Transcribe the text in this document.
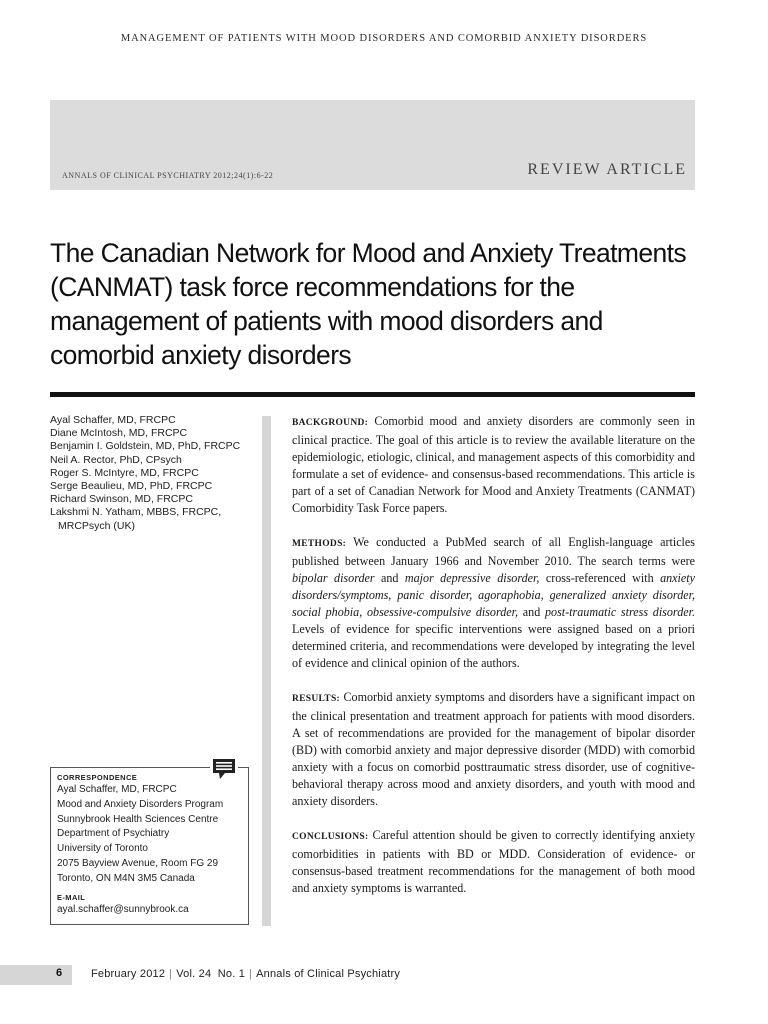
MANAGEMENT OF PATIENTS WITH MOOD DISORDERS AND COMORBID ANXIETY DISORDERS
ANNALS OF CLINICAL PSYCHIATRY 2012;24(1):6-22	REVIEW ARTICLE
The Canadian Network for Mood and Anxiety Treatments (CANMAT) task force recommendations for the management of patients with mood disorders and comorbid anxiety disorders
Ayal Schaffer, MD, FRCPC
Diane McIntosh, MD, FRCPC
Benjamin I. Goldstein, MD, PhD, FRCPC
Neil A. Rector, PhD, CPsych
Roger S. McIntyre, MD, FRCPC
Serge Beaulieu, MD, PhD, FRCPC
Richard Swinson, MD, FRCPC
Lakshmi N. Yatham, MBBS, FRCPC, MRCPsych (UK)
CORRESPONDENCE
Ayal Schaffer, MD, FRCPC
Mood and Anxiety Disorders Program
Sunnybrook Health Sciences Centre
Department of Psychiatry
University of Toronto
2075 Bayview Avenue, Room FG 29
Toronto, ON M4N 3M5 Canada
E-MAIL
ayal.schaffer@sunnybrook.ca

BACKGROUND: Comorbid mood and anxiety disorders are commonly seen in clinical practice. The goal of this article is to review the available literature on the epidemiologic, etiologic, clinical, and management aspects of this comorbidity and formulate a set of evidence- and consensus-based recommendations. This article is part of a set of Canadian Network for Mood and Anxiety Treatments (CANMAT) Comorbidity Task Force papers.

METHODS: We conducted a PubMed search of all English-language articles published between January 1966 and November 2010. The search terms were bipolar disorder and major depressive disorder, cross-referenced with anxiety disorders/symptoms, panic disorder, agoraphobia, generalized anxiety disorder, social phobia, obsessive-compulsive disorder, and post-traumatic stress disorder. Levels of evidence for specific interventions were assigned based on a priori determined criteria, and recommendations were developed by integrating the level of evidence and clinical opinion of the authors.

RESULTS: Comorbid anxiety symptoms and disorders have a significant impact on the clinical presentation and treatment approach for patients with mood disorders. A set of recommendations are provided for the management of bipolar disorder (BD) with comorbid anxiety and major depressive disorder (MDD) with comorbid anxiety with a focus on comorbid posttraumatic stress disorder, use of cognitive-behavioral therapy across mood and anxiety disorders, and youth with mood and anxiety disorders.

CONCLUSIONS: Careful attention should be given to correctly identifying anxiety comorbidities in patients with BD or MDD. Consideration of evidence- or consensus-based treatment recommendations for the management of both mood and anxiety symptoms is warranted.

6	February 2012 | Vol. 24  No. 1 | Annals of Clinical Psychiatry
